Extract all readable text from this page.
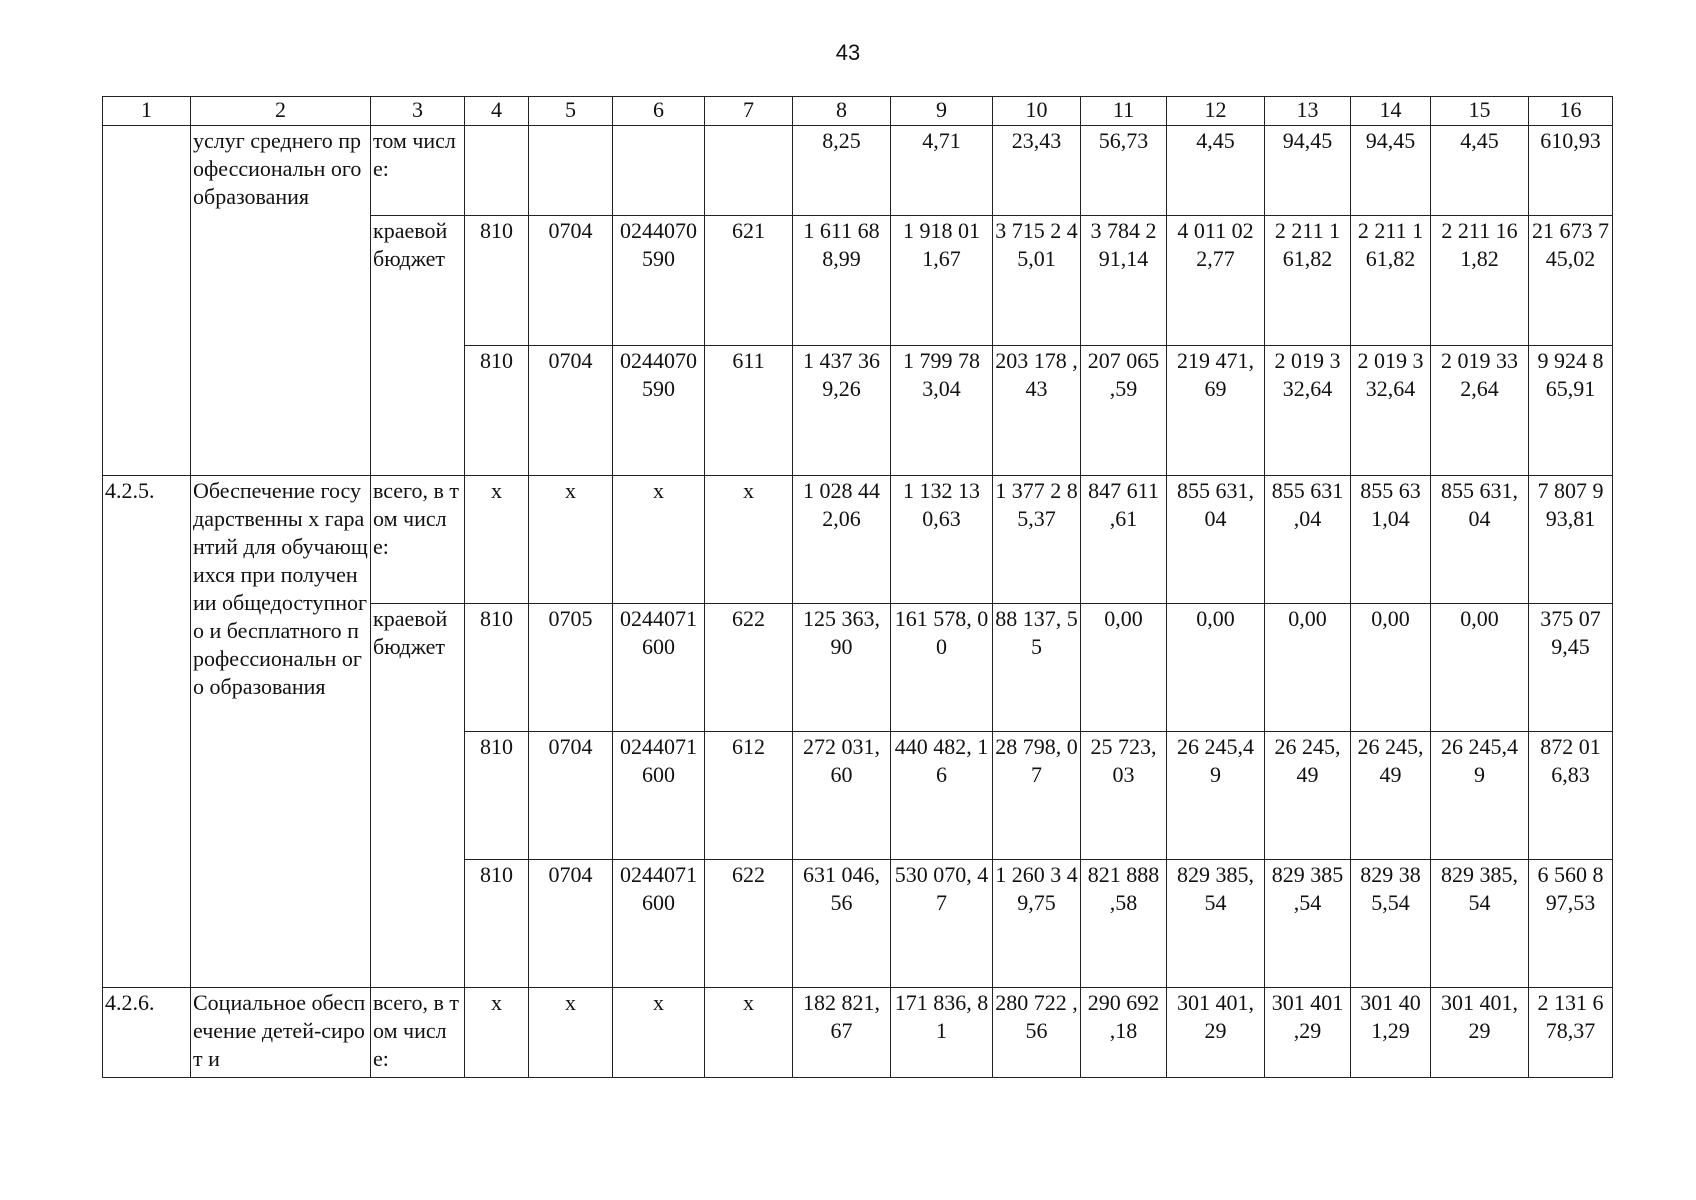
43
1	2	3	4	5	6	7	8	9	10	11	12	13	14	15	16
	услуг среднего профессиональн ого образования	том числе:					8,25	4,71	23,43	56,73	4,45	94,45	94,45	4,45	610,93
		краевой бюджет	810	0704	0244070 590	621	1 611 68 8,99	1 918 01 1,67	3 715 2 45,01	3 784 2 91,14	4 011 02 2,77	2 211 1 61,82	2 211 1 61,82	2 211 16 1,82	21 673 745,02
			810	0704	0244070 590	611	1 437 36 9,26	1 799 78 3,04	203 178 ,43	207 065 ,59	219 471, 69	2 019 3 32,64	2 019 3 32,64	2 019 33 2,64	9 924 8 65,91
4.2.5.	Обеспечение государственны х гарантий для обучающихся при получении общедоступного и бесплатного профессиональн ого образования	всего, в том числе:	х	х	х	х	1 028 44 2,06	1 132 13 0,63	1 377 2 85,37	847 611 ,61	855 631, 04	855 631 ,04	855 63 1,04	855 631, 04	7 807 9 93,81
		краевой бюджет	810	0705	0244071 600	622	125 363, 90	161 578, 00	88 137, 55	0,00	0,00	0,00	0,00	0,00	375 07 9,45
			810	0704	0244071 600	612	272 031, 60	440 482, 16	28 798, 07	25 723, 03	26 245,4 9	26 245, 49	26 245, 49	26 245,4 9	872 01 6,83
			810	0704	0244071 600	622	631 046, 56	530 070, 47	1 260 3 49,75	821 888 ,58	829 385, 54	829 385 ,54	829 38 5,54	829 385, 54	6 560 8 97,53
4.2.6.	Социальное обеспечение детей-сирот и	всего, в том числе:	х	х	х	х	182 821, 67	171 836, 81	280 722 ,56	290 692 ,18	301 401, 29	301 401 ,29	301 40 1,29	301 401, 29	2 131 6 78,37
